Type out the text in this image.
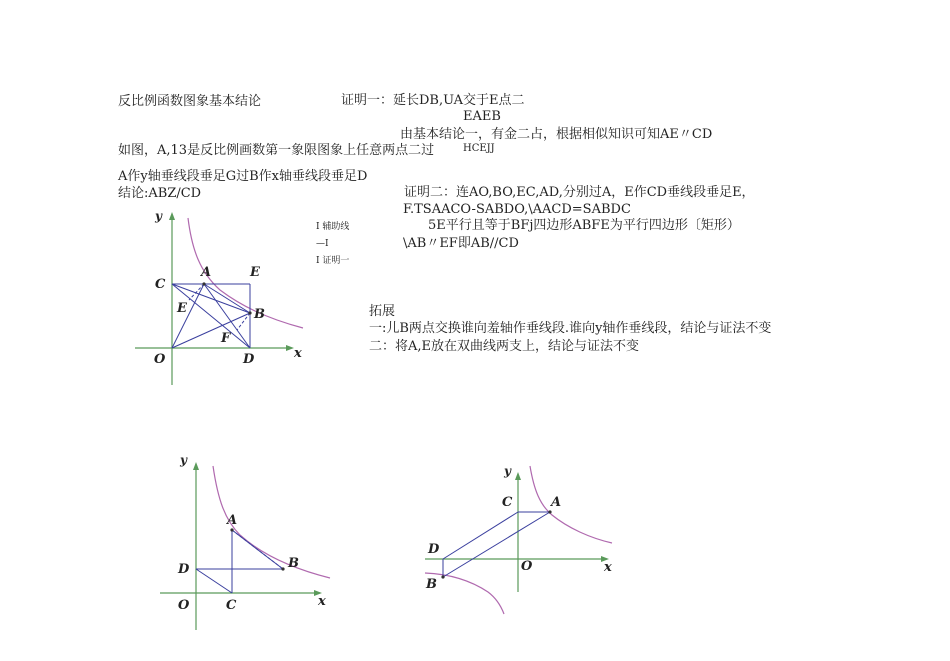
反比例函数图象基本结论
如图，A,13是反比例画数第一象限图象上任意两点二过
A作y轴垂线段垂足G过B作x轴垂线段垂足D
结论:ABZ/CD
证明一：延长DB,UA交于E点二
EAEB
由基本结论一，有金二占，根据相似知识可知AE〃CD
HCEJJ
证明二：连AO,BO,EC,AD,分别过A，E作CD垂线段垂足E，
F.TSAACO-SABDO,\AACD=SABDC
5E平行且等于BFj四边形ABFE为平行四边形〔矩形）
\AB〃EF即AB//CD
I 辅助线
—I
I 证明一
拓展
一:儿B两点交换谁向羞轴作垂线段.谁向y轴作垂线段，结论与证法不变
二：将A,E放在双曲线两支上，结论与证法不变
y
x
O
C
A	E
E	B
F
D
y
x
O
A
B
D
C
y
x
O
A
B
C
D
